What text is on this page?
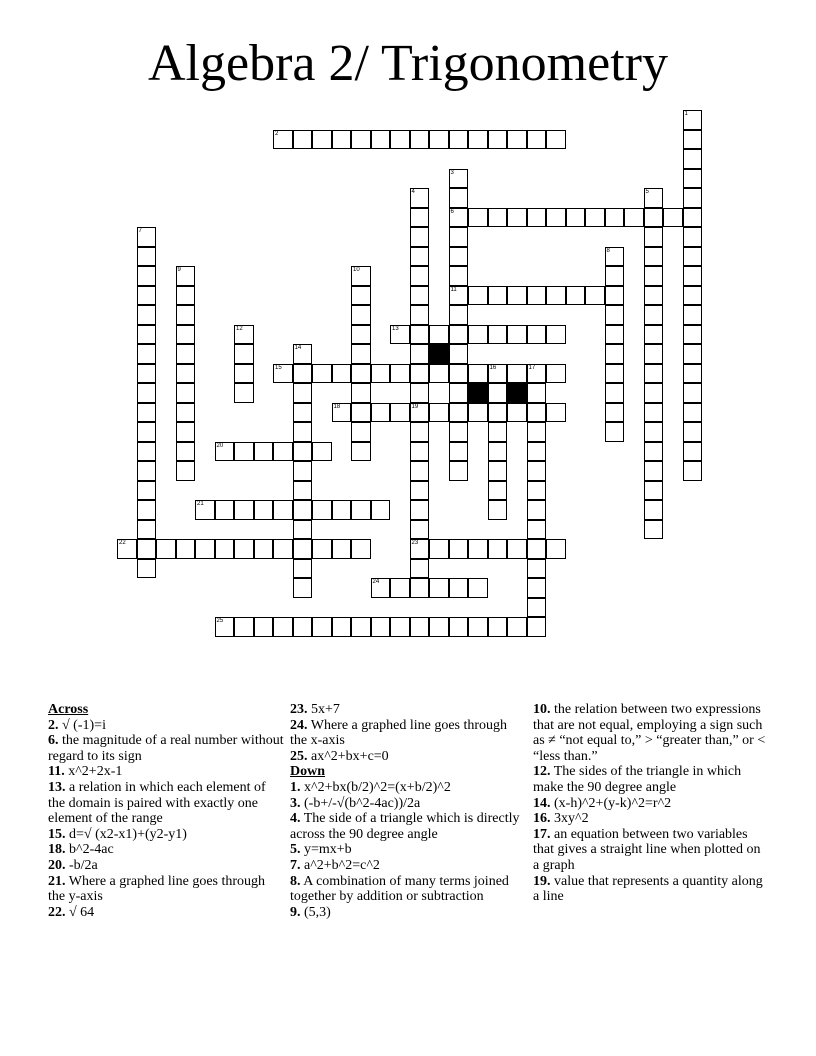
Algebra 2/ Trigonometry
1
2
3
6
11
4	5
7
8
9	10
12	13
14
15	16	17
18	19
23
20
21
22
24
25
Across
2. √ (-1)=i
6. the magnitude of a real number without regard to its sign
11. x^2+2x-1
13. a relation in which each element of the domain is paired with exactly one element of the range
15. d=√ (x2-x1)+(y2-y1)
18. b^2-4ac
20. -b/2a
21. Where a graphed line goes through the y-axis
22. √ 64
23. 5x+7
24. Where a graphed line goes through the x-axis
25. ax^2+bx+c=0
Down
1. x^2+bx(b/2)^2=(x+b/2)^2
3. (-b+/-√(b^2-4ac))/2a
4. The side of a triangle which is directly across the 90 degree angle
5. y=mx+b
7. a^2+b^2=c^2
8. A combination of many terms joined together by addition or subtraction
9. (5,3)
10. the relation between two expressions that are not equal, employing a sign such as ≠ “not equal to,” > “greater than,” or < “less than.”
12. The sides of the triangle in which make the 90 degree angle
14. (x-h)^2+(y-k)^2=r^2
16. 3xy^2
17. an equation between two variables that gives a straight line when plotted on a graph
19. value that represents a quantity along a line
